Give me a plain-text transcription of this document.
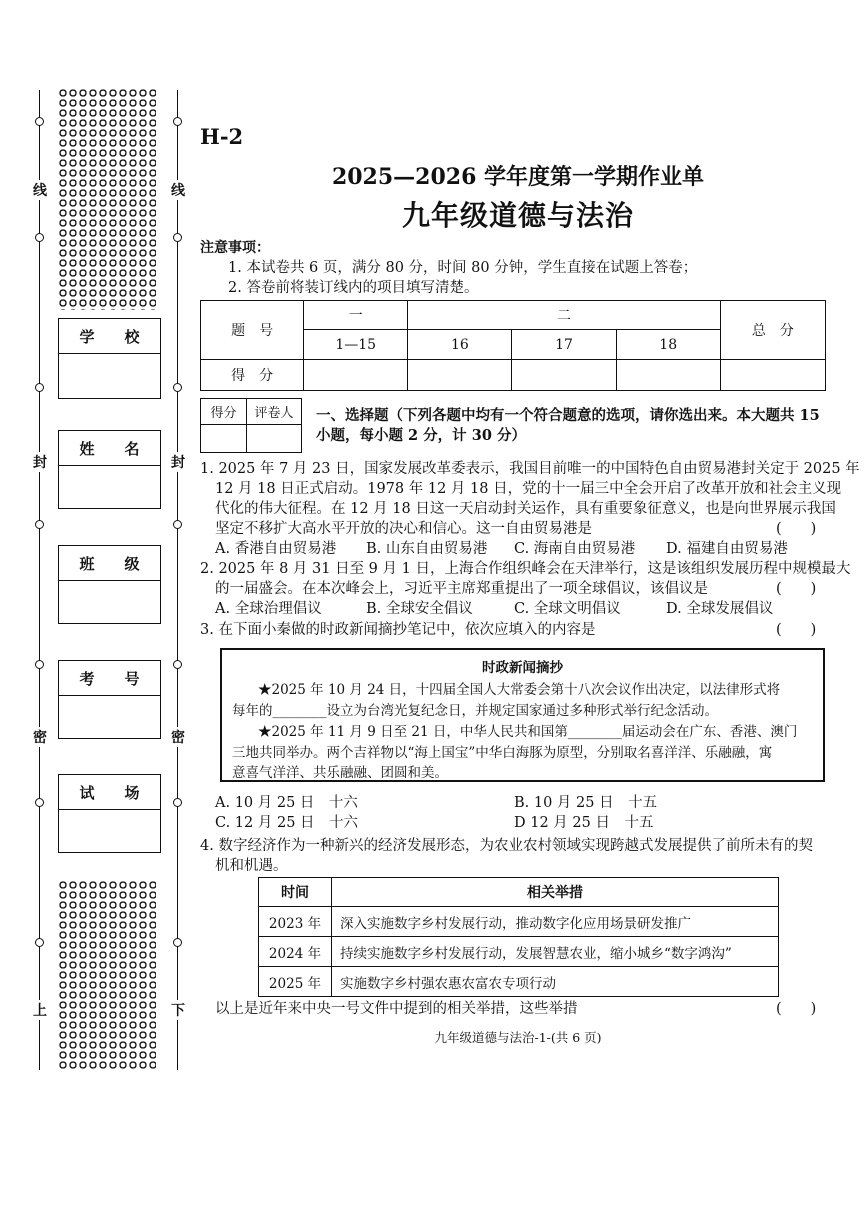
线
封
密
上
线
封
密
下
学　　校
姓　　名
班　　级
考　　号
试　　场
H-2
2025—2026 学年度第一学期作业单
九年级道德与法治
注意事项：
1. 本试卷共 6 页，满分 80 分，时间 80 分钟，学生直接在试题上答卷；
2. 答卷前将装订线内的项目填写清楚。
题　号	一	二			总　分
	1—15	16	17	18	
得　分					
得分	评卷人
	一、选择题（下列各题中均有一个符合题意的选项，请你选出来。本大题共 15
小题，每小题 2 分，计 30 分）
1. 2025 年 7 月 23 日，国家发展改革委表示，我国目前唯一的中国特色自由贸易港封关定于 2025 年
12 月 18 日正式启动。1978 年 12 月 18 日，党的十一届三中全会开启了改革开放和社会主义现
代化的伟大征程。在 12 月 18 日这一天启动封关运作，具有重要象征意义，也是向世界展示我国
坚定不移扩大高水平开放的决心和信心。这一自由贸易港是	(　　)
A. 香港自由贸易港 B. 山东自由贸易港 C. 海南自由贸易港 D. 福建自由贸易港
2. 2025 年 8 月 31 日至 9 月 1 日，上海合作组织峰会在天津举行，这是该组织发展历程中规模最大
的一届盛会。在本次峰会上，习近平主席郑重提出了一项全球倡议，该倡议是	(　　)
A. 全球治理倡议	B. 全球安全倡议	C. 全球文明倡议	D. 全球发展倡议
3. 在下面小秦做的时政新闻摘抄笔记中，依次应填入的内容是	(　　)
时政新闻摘抄
★2025 年 10 月 24 日，十四届全国人大常委会第十八次会议作出决定，以法律形式将
每年的________设立为台湾光复纪念日，并规定国家通过多种形式举行纪念活动。
★2025 年 11 月 9 日至 21 日，中华人民共和国第________届运动会在广东、香港、澳门
三地共同举办。两个吉祥物以“海上国宝”中华白海豚为原型，分别取名喜洋洋、乐融融，寓
意喜气洋洋、共乐融融、团圆和美。
A. 10 月 25 日　十六	B. 10 月 25 日　十五
C. 12 月 25 日　十六	D 12 月 25 日　十五
4. 数字经济作为一种新兴的经济发展形态，为农业农村领域实现跨越式发展提供了前所未有的契
机和机遇。
时间	相关举措
2023 年	深入实施数字乡村发展行动，推动数字化应用场景研发推广
2024 年	持续实施数字乡村发展行动，发展智慧农业，缩小城乡“数字鸿沟”
2025 年	实施数字乡村强农惠农富农专项行动
以上是近年来中央一号文件中提到的相关举措，这些举措	(　　)
九年级道德与法治-1-(共 6 页)
